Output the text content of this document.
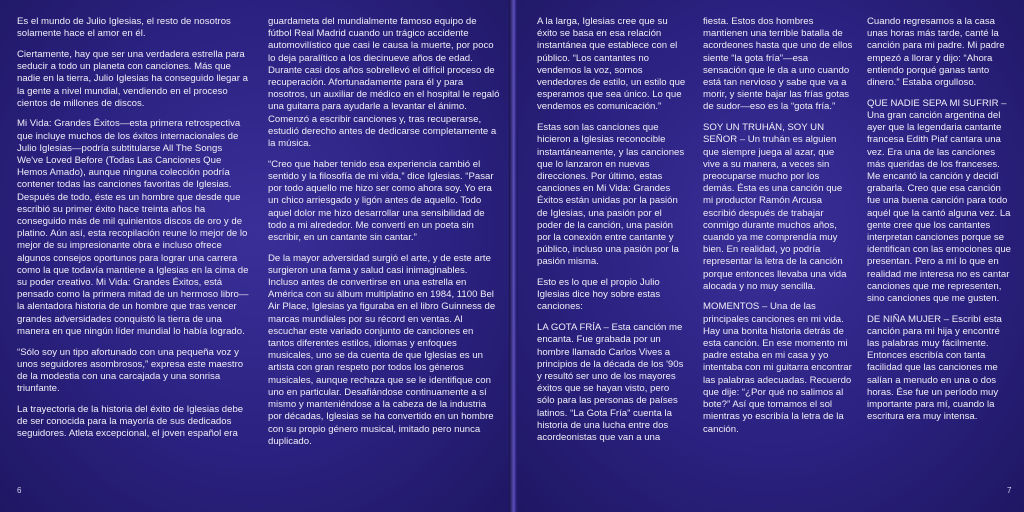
Es el mundo de Julio Iglesias, el resto de nosotros solamente hace el amor en él.

Ciertamente, hay que ser una verdadera estrella para seducir a todo un planeta con canciones. Más que nadie en la tierra, Julio Iglesias ha conseguido llegar a la gente a nivel mundial, vendiendo en el proceso cientos de millones de discos.

Mi Vida: Grandes Éxitos—esta primera retrospectiva que incluye muchos de los éxitos internacionales de Julio Iglesias—podría subtitularse All The Songs We've Loved Before (Todas Las Canciones Que Hemos Amado), aunque ninguna colección podría contener todas las canciones favoritas de Iglesias. Después de todo, éste es un hombre que desde que escribió su primer éxito hace treinta años ha conseguido más de mil quinientos discos de oro y de platino. Aún así, esta recopilación reune lo mejor de lo mejor de su impresionante obra e incluso ofrece algunos consejos oportunos para lograr una carrera como la que todavía mantiene a Iglesias en la cima de su poder creativo. Mi Vida: Grandes Éxitos, está pensado como la primera mitad de un hermoso libro—la alentadora historia de un hombre que tras vencer grandes adversidades conquistó la tierra de una manera en que ningún líder mundial lo había logrado.

“Sólo soy un tipo afortunado con una pequeña voz y unos seguidores asombrosos,” expresa este maestro de la modestia con una carcajada y una sonrisa triunfante.

La trayectoria de la historia del éxito de Iglesias debe de ser conocida para la mayoría de sus dedicados seguidores. Atleta excepcional, el joven español era

guardameta del mundialmente famoso equipo de fútbol Real Madrid cuando un trágico accidente automovilístico que casi le causa la muerte, por poco lo deja paralítico a los diecinueve años de edad. Durante casi dos años sobrellevó el difícil proceso de recuperación. Afortunadamente para él y para nosotros, un auxiliar de médico en el hospital le regaló una guitarra para ayudarle a levantar el ánimo. Comenzó a escribir canciones y, tras recuperarse, estudió derecho antes de dedicarse completamente a la música.

“Creo que haber tenido esa experiencia cambió el sentido y la filosofía de mi vida,” dice Iglesias. “Pasar por todo aquello me hizo ser como ahora soy. Yo era un chico arriesgado y ligón antes de aquello. Todo aquel dolor me hizo desarrollar una sensibilidad de todo a mi alrededor. Me convertí en un poeta sin escribir, en un cantante sin cantar.”

De la mayor adversidad surgió el arte, y de este arte surgieron una fama y salud casi inimaginables. Incluso antes de convertirse en una estrella en América con su álbum multiplatino en 1984, 1100 Bel Air Place, Iglesias ya figuraba en el libro Guinness de marcas mundiales por su récord en ventas. Al escuchar este variado conjunto de canciones en tantos diferentes estilos, idiomas y enfoques musicales, uno se da cuenta de que Iglesias es un artista con gran respeto por todos los géneros musicales, aunque rechaza que se le identifique con uno en particular. Desafiándose continuamente a sí mismo y manteniéndose a la cabeza de la industria por décadas, Iglesias se ha convertido en un hombre con su propio género musical, imitado pero nunca duplicado.

6

A la larga, Iglesias cree que su éxito se basa en esa relación instantánea que establece con el público. “Los cantantes no vendemos la voz, somos vendedores de estilo, un estilo que esperamos que sea único. Lo que vendemos es comunicación.”

Estas son las canciones que hicieron a Iglesias reconocible instantáneamente, y las canciones que lo lanzaron en nuevas direcciones. Por último, estas canciones en Mi Vida: Grandes Éxitos están unidas por la pasión de Iglesias, una pasión por el poder de la canción, una pasión por la conexión entre cantante y público, incluso una pasión por la pasión misma.

Esto es lo que el propio Julio Iglesias dice hoy sobre estas canciones:

LA GOTA FRÍA – Esta canción me encanta. Fue grabada por un hombre llamado Carlos Vives a principios de la década de los '90s y resultó ser uno de los mayores éxitos que se hayan visto, pero sólo para las personas de países latinos. “La Gota Fría” cuenta la historia de una lucha entre dos acordeonistas que van a una

fiesta. Estos dos hombres mantienen una terrible batalla de acordeones hasta que uno de ellos siente “la gota fría”—esa sensación que le da a uno cuando está tan nervioso y sabe que va a morir, y siente bajar las frías gotas de sudor—eso es la “gota fría.”

SOY UN TRUHÁN, SOY UN SEÑOR – Un truhán es alguien que siempre juega al azar, que vive a su manera, a veces sin preocuparse mucho por los demás. Ésta es una canción que mi productor Ramón Arcusa escribió después de trabajar conmigo durante muchos años, cuando ya me comprendía muy bien. En realidad, yo podría representar la letra de la canción porque entonces llevaba una vida alocada y no muy sencilla.

MOMENTOS – Una de las principales canciones en mi vida. Hay una bonita historia detrás de esta canción. En ese momento mi padre estaba en mi casa y yo intentaba con mi guitarra encontrar las palabras adecuadas. Recuerdo que dije: “¿Por qué no salimos al bote?” Así que tomamos el sol mientras yo escribía la letra de la canción.

Cuando regresamos a la casa unas horas más tarde, canté la canción para mi padre. Mi padre empezó a llorar y dijo: “Ahora entiendo porqué ganas tanto dinero.” Estaba orgulloso.

QUE NADIE SEPA MI SUFRIR – Una gran canción argentina del ayer que la legendaria cantante francesa Edith Piaf cantara una vez. Era una de las canciones más queridas de los franceses. Me encantó la canción y decidí grabarla. Creo que esa canción fue una buena canción para todo aquél que la cantó alguna vez. La gente cree que los cantantes interpretan canciones porque se identifican con las emociones que presentan. Pero a mí lo que en realidad me interesa no es cantar canciones que me representen, sino canciones que me gusten.

DE NIÑA MUJER – Escribí esta canción para mi hija y encontré las palabras muy fácilmente. Entonces escribía con tanta facilidad que las canciones me salían a menudo en una o dos horas. Ése fue un período muy importante para mí, cuando la escritura era muy intensa.

7
